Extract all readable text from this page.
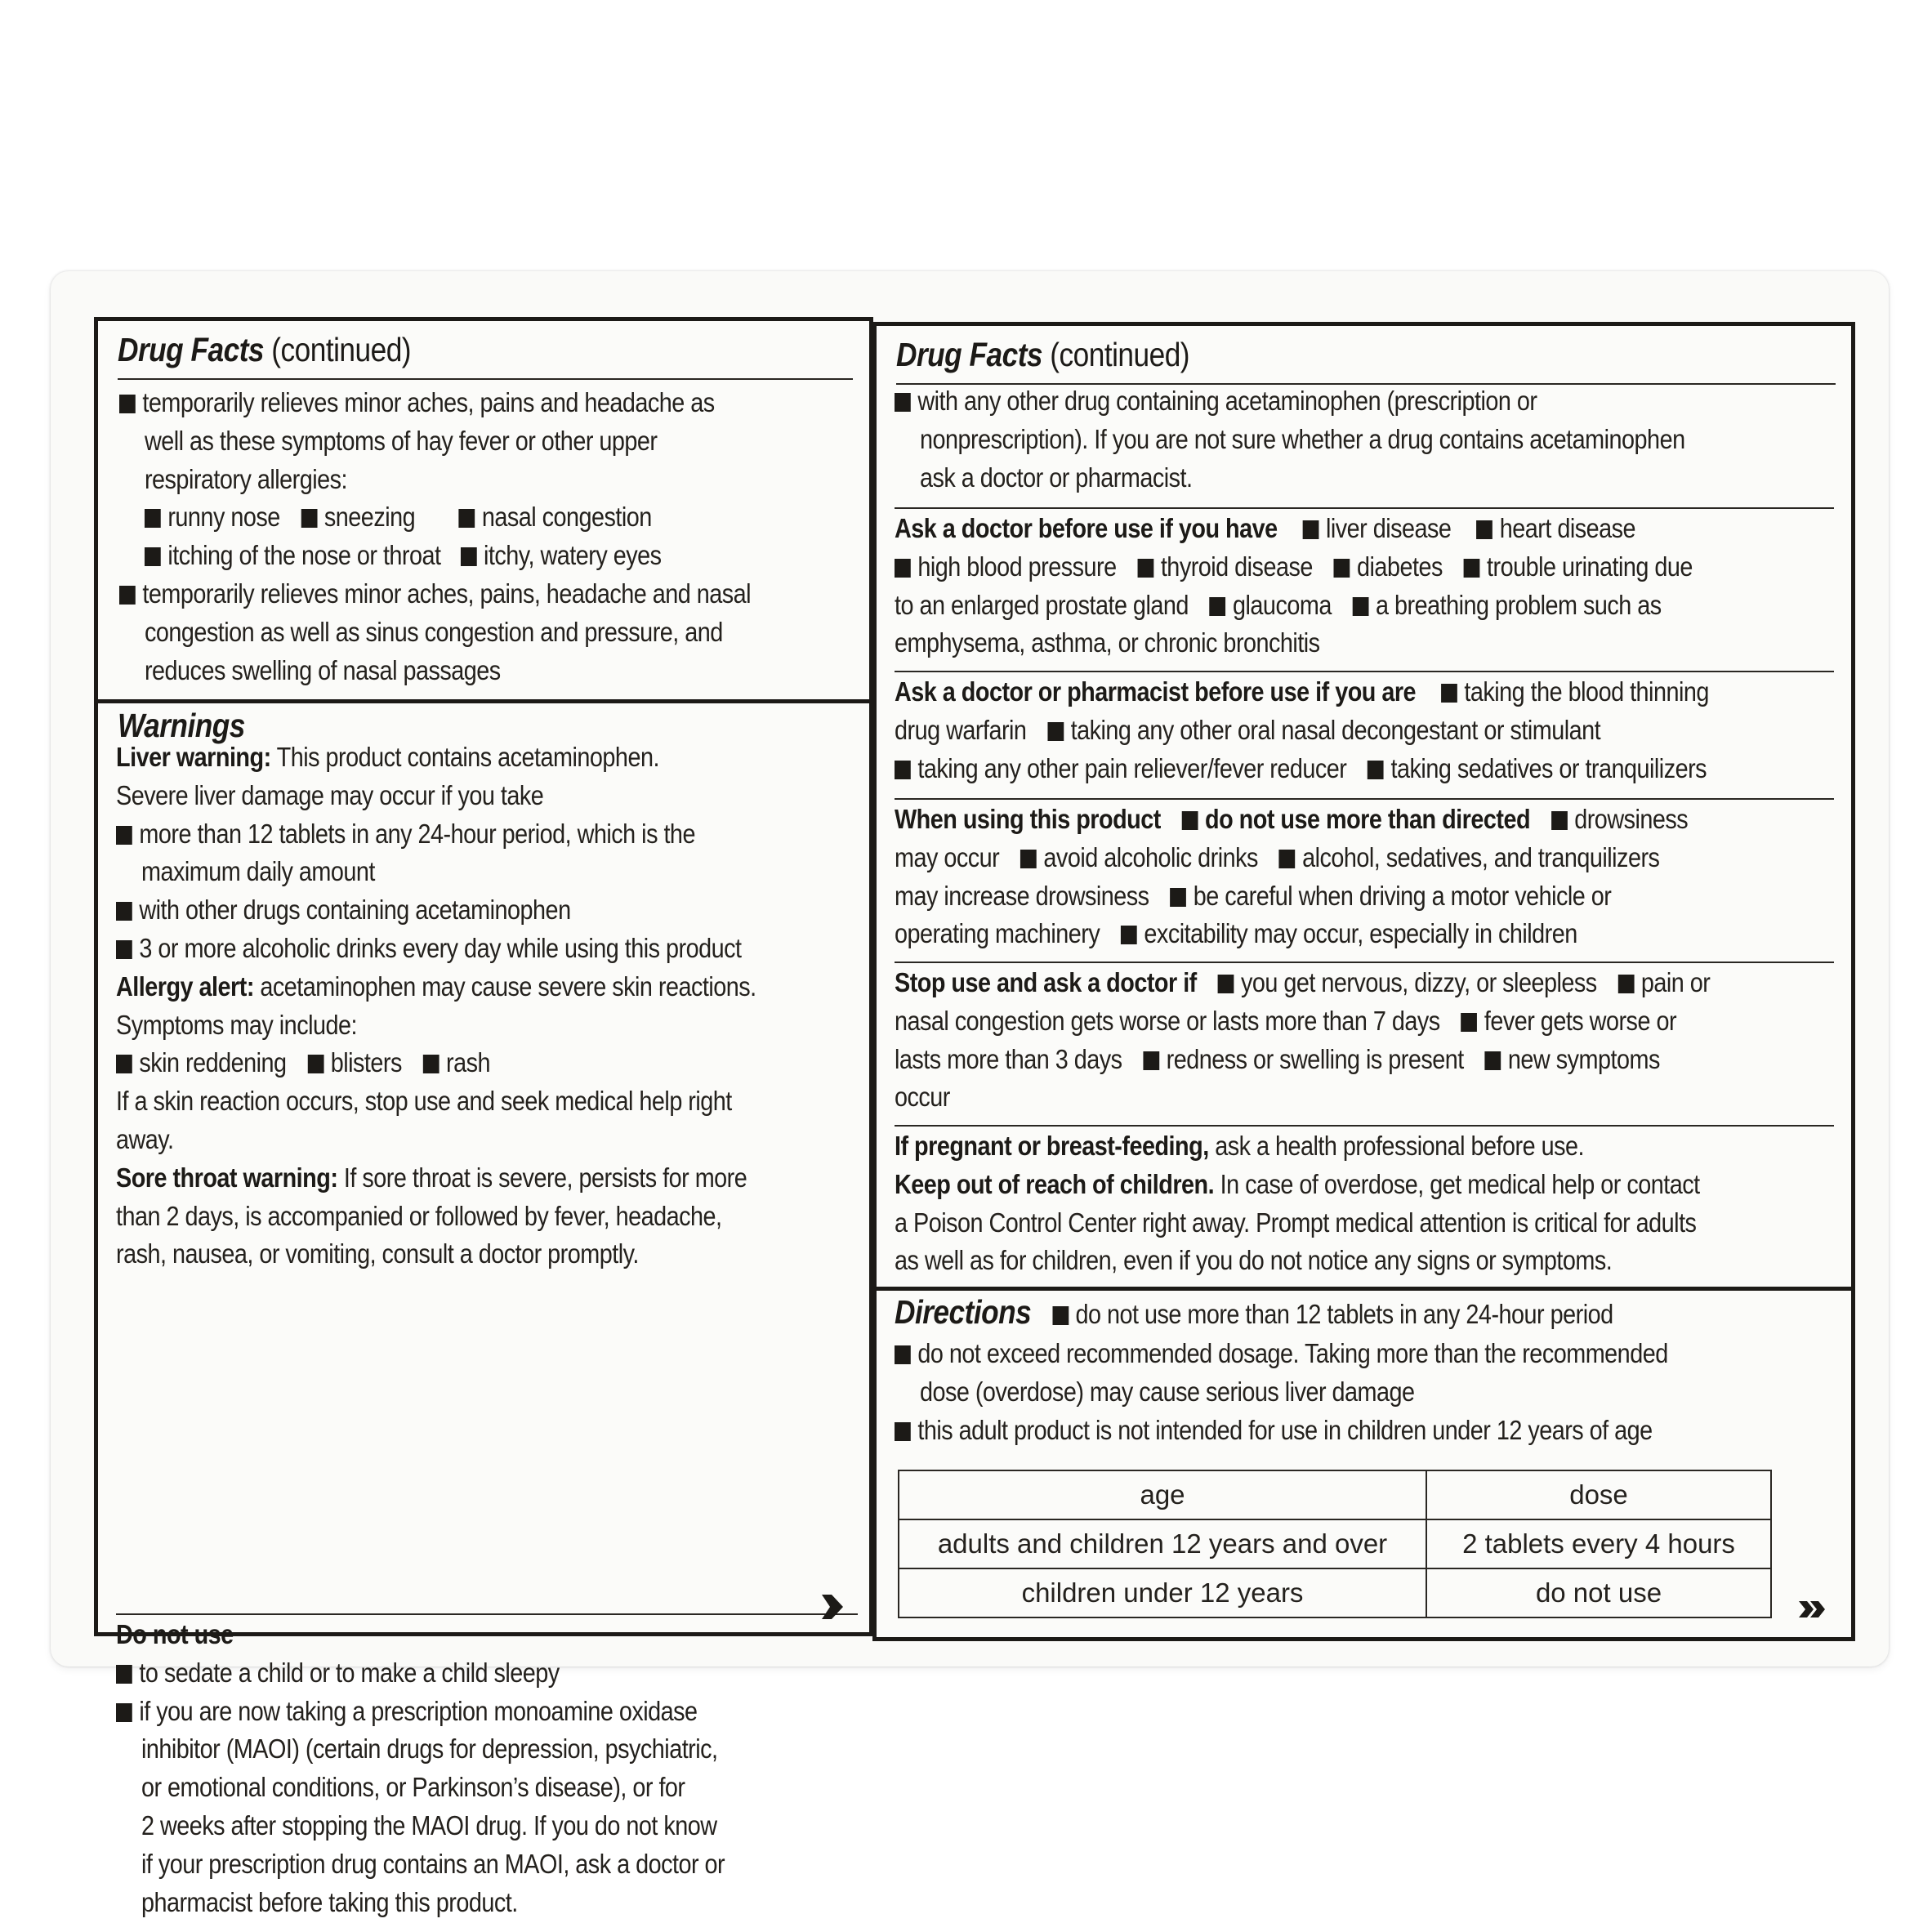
Drug Facts (continued)
temporarily relieves minor aches, pains and headache as
well as these symptoms of hay fever or other upper
respiratory allergies:
runny nose sneezing nasal congestion
itching of the nose or throat itchy, watery eyes
temporarily relieves minor aches, pains, headache and nasal
congestion as well as sinus congestion and pressure, and
reduces swelling of nasal passages
Warnings
Liver warning: This product contains acetaminophen.
Severe liver damage may occur if you take
more than 12 tablets in any 24-hour period, which is the
maximum daily amount
with other drugs containing acetaminophen
3 or more alcoholic drinks every day while using this product
Allergy alert: acetaminophen may cause severe skin reactions.
Symptoms may include:
skin reddening blisters rash
If a skin reaction occurs, stop use and seek medical help right
away.
Sore throat warning: If sore throat is severe, persists for more
than 2 days, is accompanied or followed by fever, headache,
rash, nausea, or vomiting, consult a doctor promptly.
Do not use
to sedate a child or to make a child sleepy
if you are now taking a prescription monoamine oxidase
inhibitor (MAOI) (certain drugs for depression, psychiatric,
or emotional conditions, or Parkinson’s disease), or for
2 weeks after stopping the MAOI drug. If you do not know
if your prescription drug contains an MAOI, ask a doctor or
pharmacist before taking this product.
Drug Facts (continued)
with any other drug containing acetaminophen (prescription or
nonprescription). If you are not sure whether a drug contains acetaminophen
ask a doctor or pharmacist.
Ask a doctor before use if you have liver disease heart disease
high blood pressure thyroid disease diabetes trouble urinating due
to an enlarged prostate gland glaucoma a breathing problem such as
emphysema, asthma, or chronic bronchitis
Ask a doctor or pharmacist before use if you are taking the blood thinning
drug warfarin taking any other oral nasal decongestant or stimulant
taking any other pain reliever/fever reducer taking sedatives or tranquilizers
When using this product do not use more than directed drowsiness
may occur avoid alcoholic drinks alcohol, sedatives, and tranquilizers
may increase drowsiness be careful when driving a motor vehicle or
operating machinery excitability may occur, especially in children
Stop use and ask a doctor if you get nervous, dizzy, or sleepless pain or
nasal congestion gets worse or lasts more than 7 days fever gets worse or
lasts more than 3 days redness or swelling is present new symptoms
occur
If pregnant or breast-feeding, ask a health professional before use.
Keep out of reach of children. In case of overdose, get medical help or contact
a Poison Control Center right away. Prompt medical attention is critical for adults
as well as for children, even if you do not notice any signs or symptoms.
Directions do not use more than 12 tablets in any 24-hour period
do not exceed recommended dosage. Taking more than the recommended
dose (overdose) may cause serious liver damage
this adult product is not intended for use in children under 12 years of age
age	dose
adults and children 12 years and over	2 tablets every 4 hours
children under 12 years	do not use
